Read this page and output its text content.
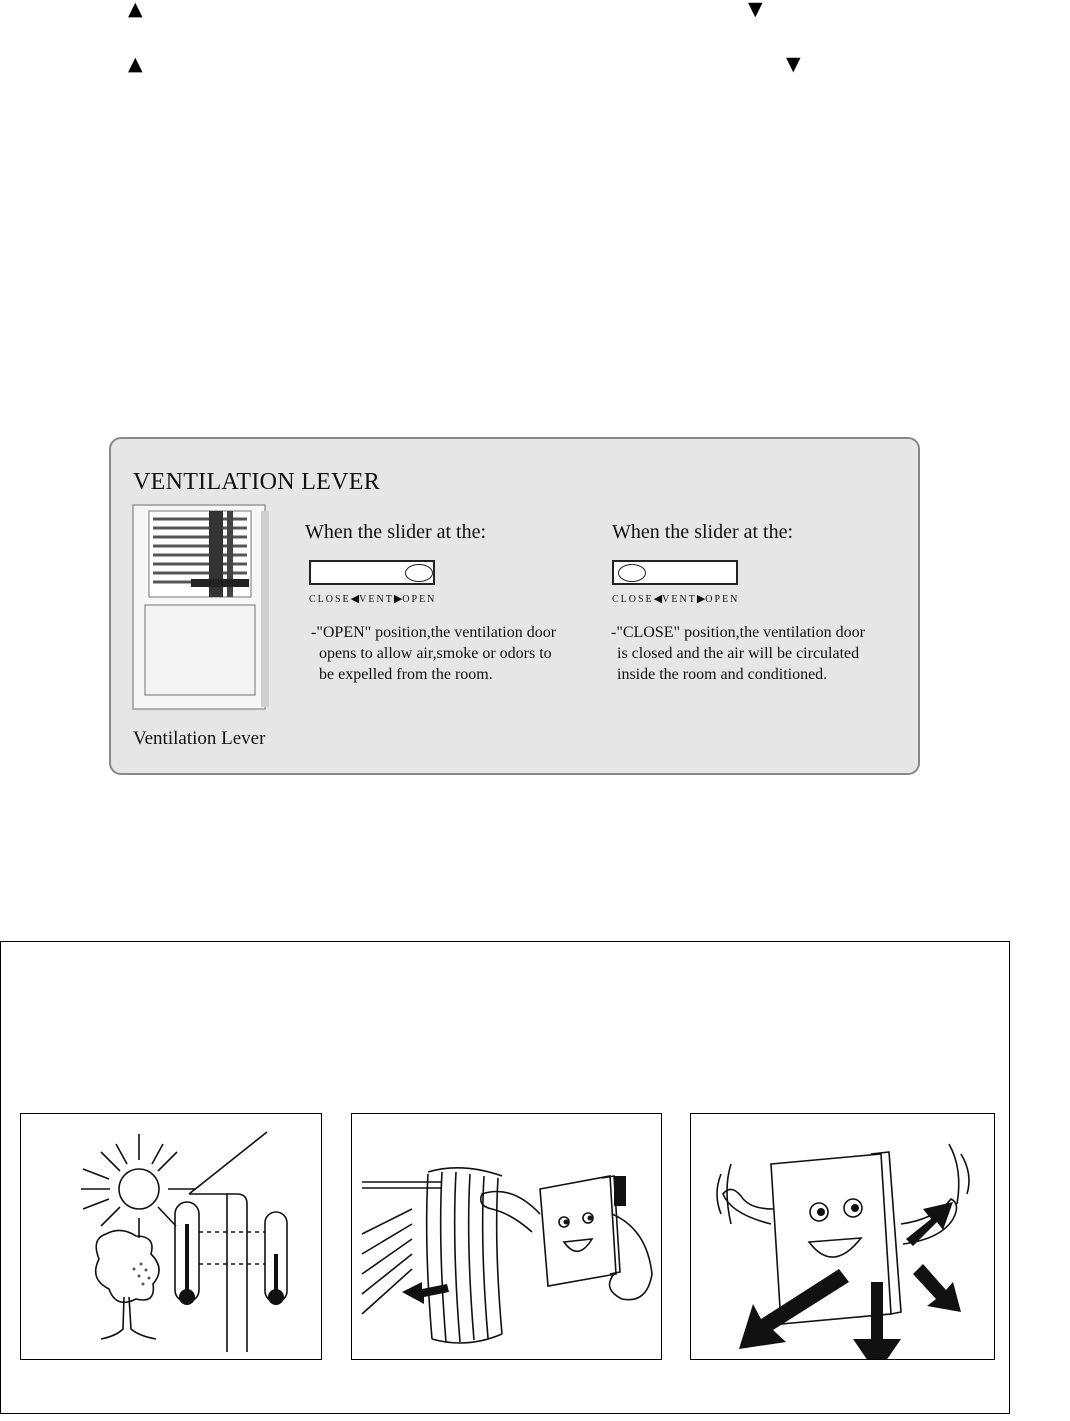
▲	▼
▲	▼
VENTILATION LEVER
Ventilation Lever
When the slider at the:
CLOSE◀VENT▶OPEN
-"OPEN" position,the ventilation door
opens to allow air,smoke or odors to
be expelled from the room.
When the slider at the:
CLOSE◀VENT▶OPEN
-"CLOSE" position,the ventilation door
is closed and the air will be circulated
inside the room and conditioned.
